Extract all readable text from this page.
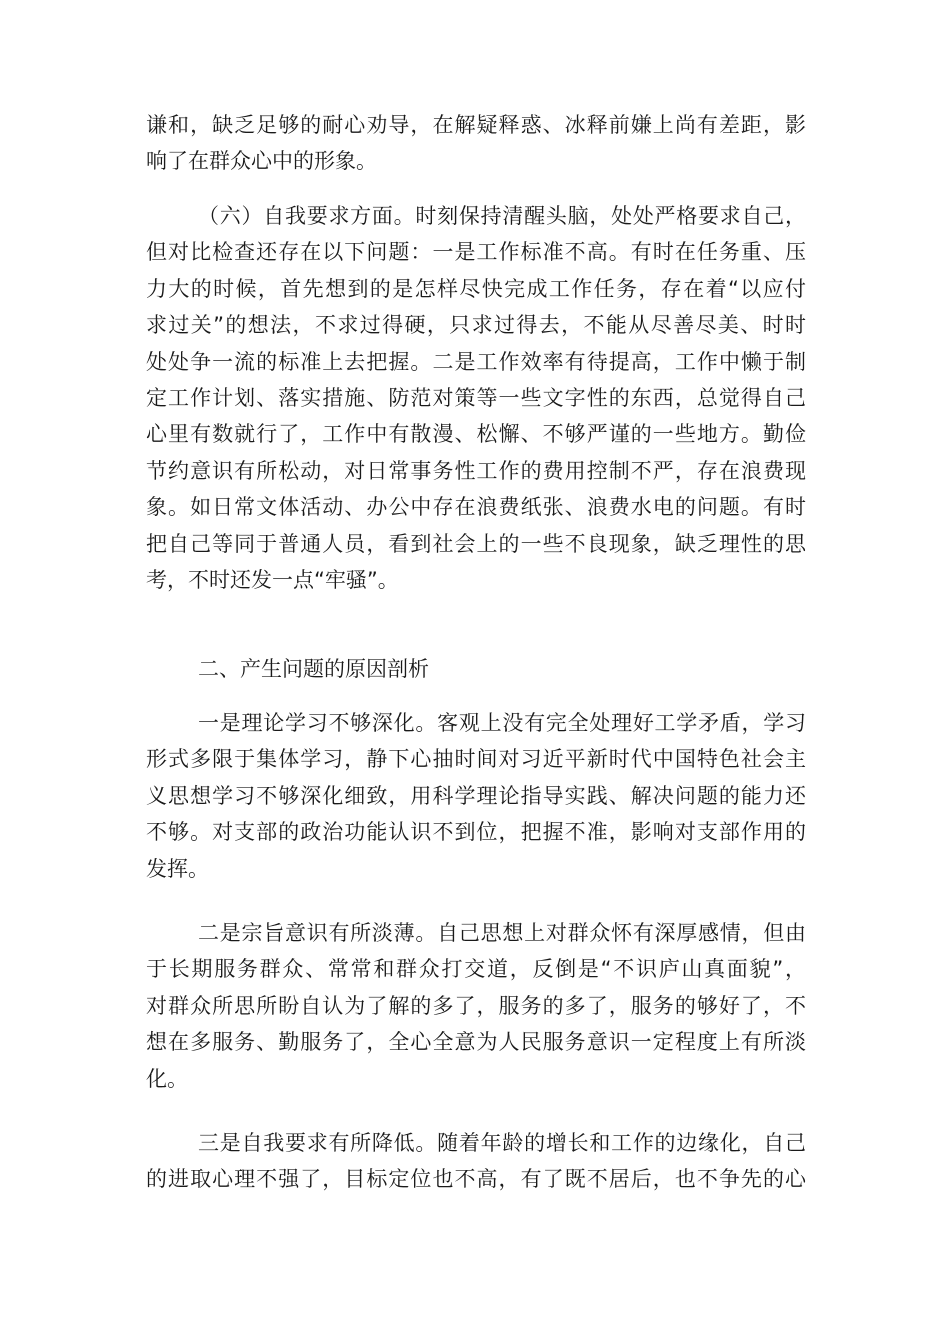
谦和，缺乏足够的耐心劝导，在解疑释惑、冰释前嫌上尚有差距，影
响了在群众心中的形象。
（六）自我要求方面。时刻保持清醒头脑，处处严格要求自己，
但对比检查还存在以下问题：一是工作标准不高。有时在任务重、压
力大的时候，首先想到的是怎样尽快完成工作任务，存在着“以应付
求过关”的想法，不求过得硬，只求过得去，不能从尽善尽美、时时
处处争一流的标准上去把握。二是工作效率有待提高，工作中懒于制
定工作计划、落实措施、防范对策等一些文字性的东西，总觉得自己
心里有数就行了，工作中有散漫、松懈、不够严谨的一些地方。勤俭
节约意识有所松动，对日常事务性工作的费用控制不严，存在浪费现
象。如日常文体活动、办公中存在浪费纸张、浪费水电的问题。有时
把自己等同于普通人员，看到社会上的一些不良现象，缺乏理性的思
考，不时还发一点“牢骚”。
二、产生问题的原因剖析
一是理论学习不够深化。客观上没有完全处理好工学矛盾，学习
形式多限于集体学习，静下心抽时间对习近平新时代中国特色社会主
义思想学习不够深化细致，用科学理论指导实践、解决问题的能力还
不够。对支部的政治功能认识不到位，把握不准，影响对支部作用的
发挥。
二是宗旨意识有所淡薄。自己思想上对群众怀有深厚感情，但由
于长期服务群众、常常和群众打交道，反倒是“不识庐山真面貌”，
对群众所思所盼自认为了解的多了，服务的多了，服务的够好了，不
想在多服务、勤服务了，全心全意为人民服务意识一定程度上有所淡
化。
三是自我要求有所降低。随着年龄的增长和工作的边缘化，自己
的进取心理不强了，目标定位也不高，有了既不居后，也不争先的心
